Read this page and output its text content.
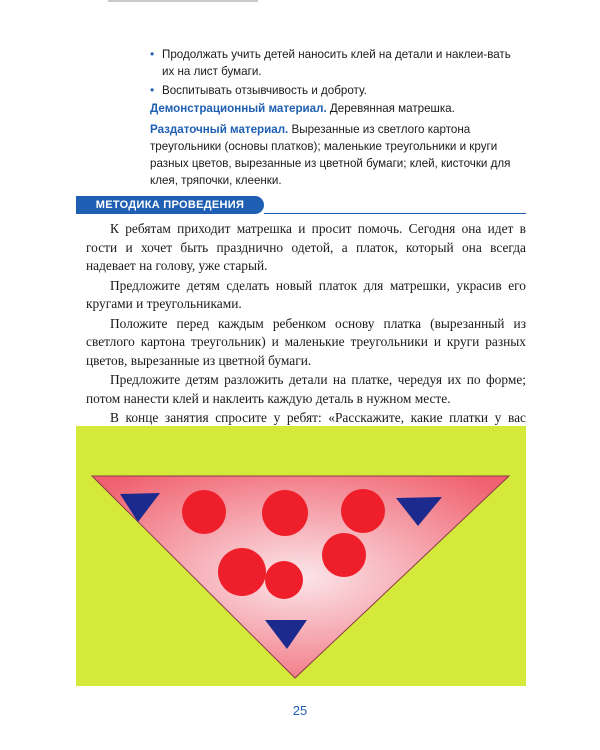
• Продолжать учить детей наносить клей на детали и наклеи-вать их на лист бумаги.
• Воспитывать отзывчивость и доброту.

Демонстрационный материал. Деревянная матрешка.

Раздаточный материал. Вырезанные из светлого картона треугольники (основы платков); маленькие треугольники и круги разных цветов, вырезанные из цветной бумаги; клей, кисточки для клея, тряпочки, клеенки.

МЕТОДИКА ПРОВЕДЕНИЯ

К ребятам приходит матрешка и просит помочь. Сегодня она идет в гости и хочет быть празднично одетой, а платок, который она всегда надевает на голову, уже старый.

Предложите детям сделать новый платок для матрешки, украсив его кругами и треугольниками.

Положите перед каждым ребенком основу платка (вырезанный из светлого картона треугольник) и маленькие треугольники и круги разных цветов, вырезанные из цветной бумаги.

Предложите детям разложить детали на платке, чередуя их по форме; потом нанести клей и наклеить каждую деталь в нужном месте.

В конце занятия спросите у ребят: «Расскажите, какие платки у вас

25
